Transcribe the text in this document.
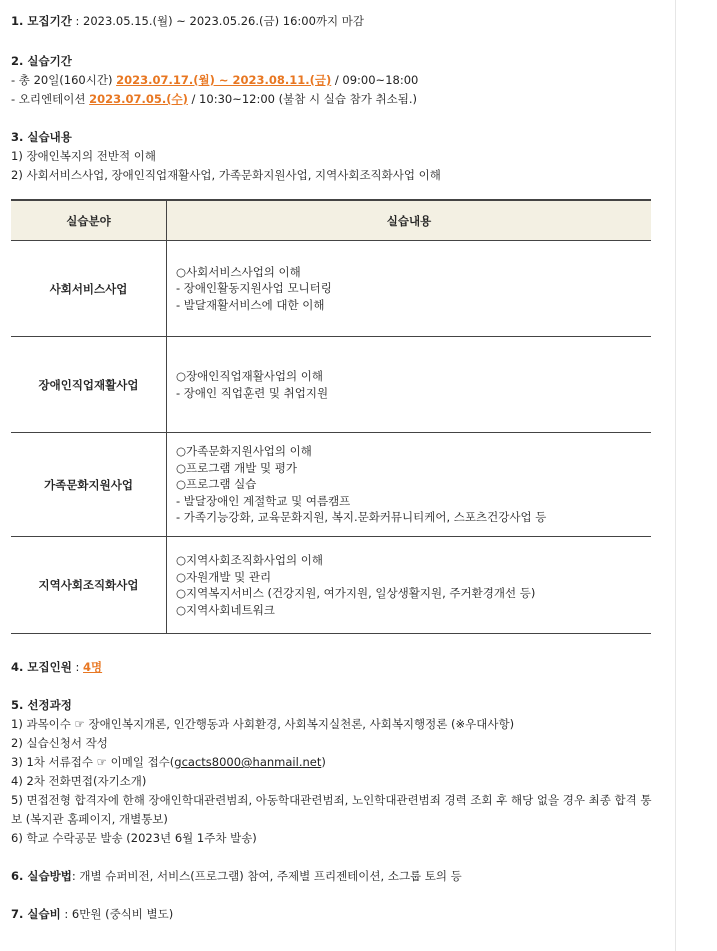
1. 모집기간 : 2023.05.15.(월) ~ 2023.05.26.(금) 16:00까지 마감
2. 실습기간
- 총 20일(160시간) 2023.07.17.(월) ~ 2023.08.11.(금) / 09:00~18:00
- 오리엔테이션 2023.07.05.(수) / 10:30~12:00 (불참 시 실습 참가 취소됨.)
3. 실습내용
1) 장애인복지의 전반적 이해
2) 사회서비스사업, 장애인직업재활사업, 가족문화지원사업, 지역사회조직화사업 이해
실습분야	실습내용
사회서비스사업	○사회서비스사업의 이해
- 장애인활동지원사업 모니터링
- 발달재활서비스에 대한 이해

장애인직업재활사업	○장애인직업재활사업의 이해
- 장애인 직업훈련 및 취업지원

가족문화지원사업	○가족문화지원사업의 이해
○프로그램 개발 및 평가
○프로그램 실습
- 발달장애인 계절학교 및 여름캠프
- 가족기능강화, 교육문화지원, 복지.문화커뮤니티케어, 스포츠건강사업 등

지역사회조직화사업	○지역사회조직화사업의 이해
○자원개발 및 관리
○지역복지서비스 (건강지원, 여가지원, 일상생활지원, 주거환경개선 등)
○지역사회네트워크
4. 모집인원 : 4명
5. 선정과정
1) 과목이수 ☞ 장애인복지개론, 인간행동과 사회환경, 사회복지실천론, 사회복지행정론 (※우대사항)
2) 실습신청서 작성
3) 1차 서류접수 ☞ 이메일 접수(gcacts8000@hanmail.net)
4) 2차 전화면접(자기소개)
5) 면접전형 합격자에 한해 장애인학대관련범죄, 아동학대관련범죄, 노인학대관련범죄 경력 조회 후 해당 없을 경우 최종 합격 통보 (복지관 홈페이지, 개별통보)
6) 학교 수락공문 발송 (2023년 6월 1주차 발송)
6. 실습방법: 개별 슈퍼비전, 서비스(프로그램) 참여, 주제별 프리젠테이션, 소그룹 토의 등
7. 실습비 : 6만원 (중식비 별도)
